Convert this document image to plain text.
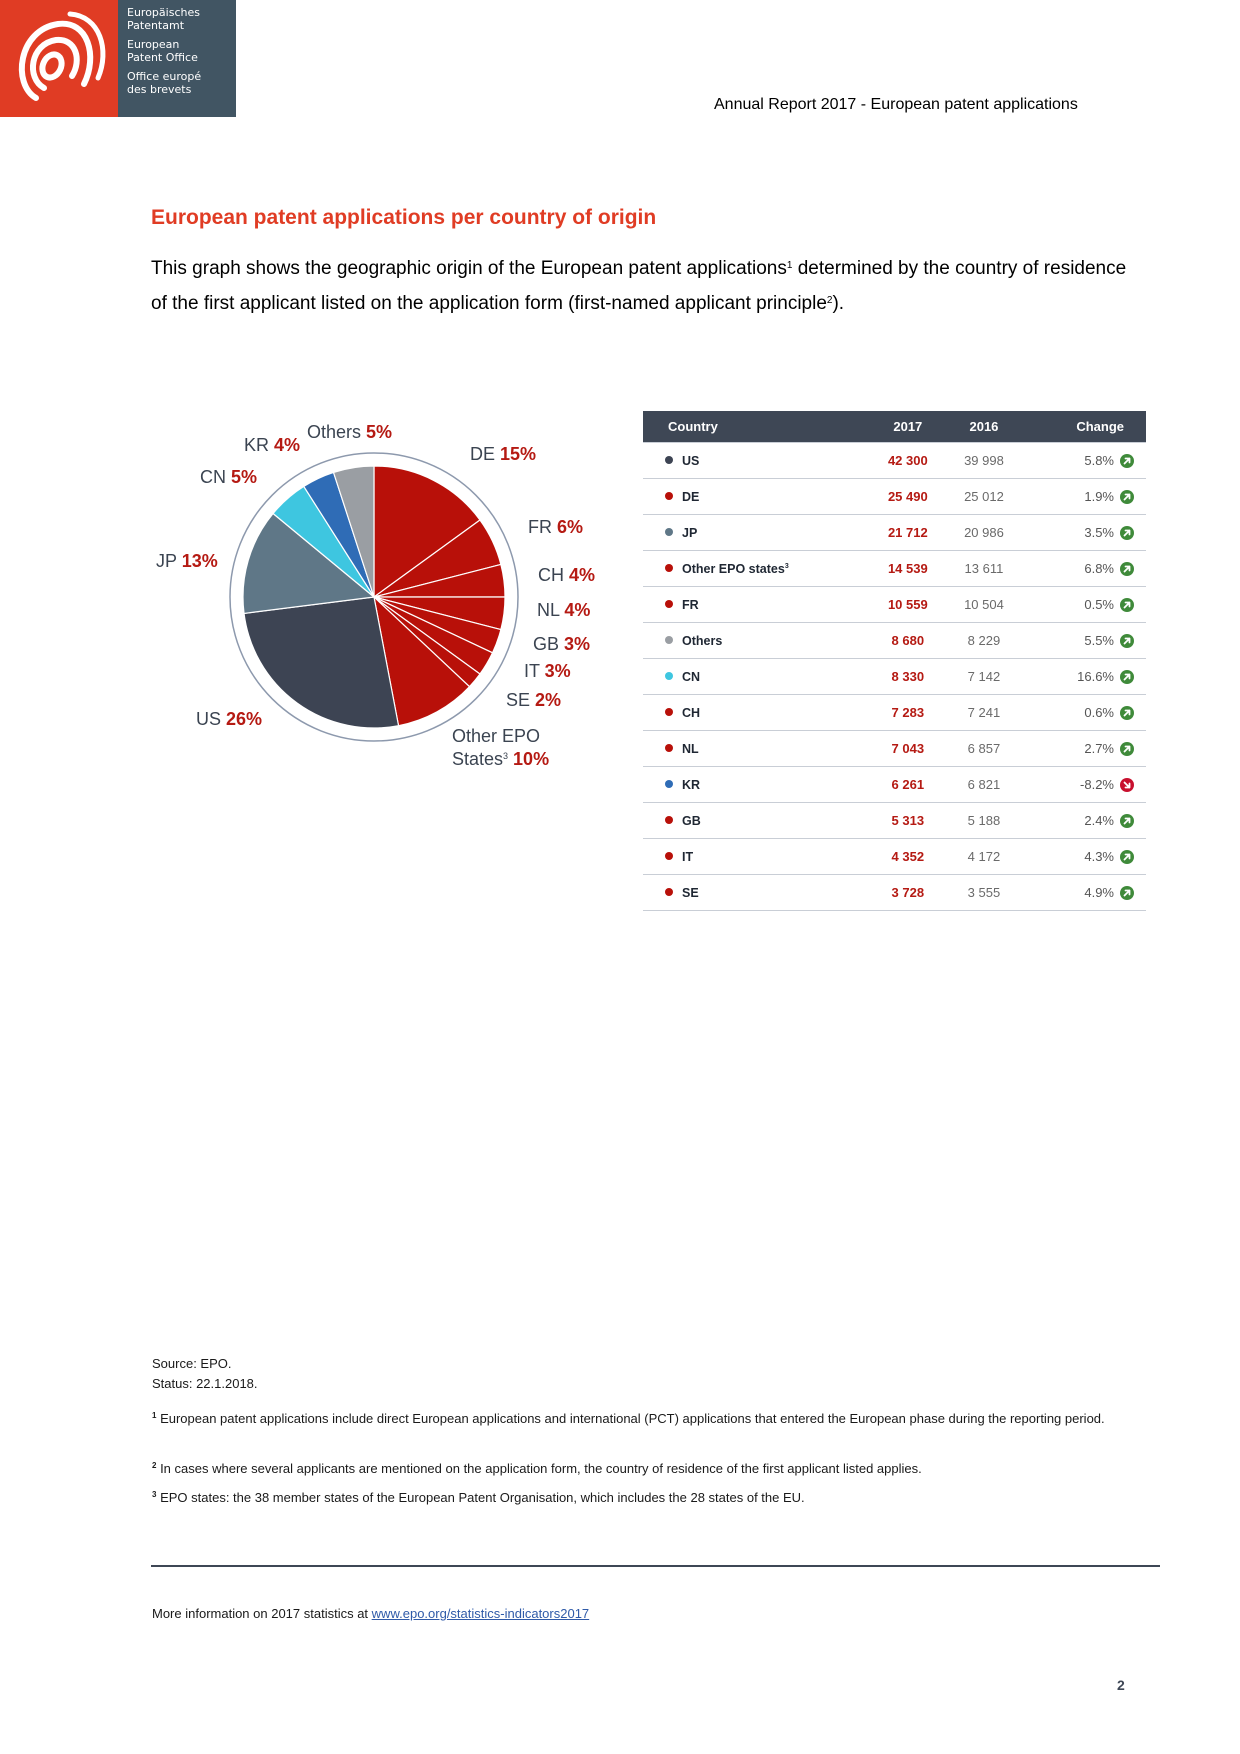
Europäisches
Patentamt
European
Patent Office
Office europé
des brevets
Annual Report 2017 - European patent applications
European patent applications per country of origin
This graph shows the geographic origin of the European patent applications$^1$ determined by the country of residence of the first applicant listed on the application form (first-named applicant principle$^2$).
DE 15%
FR 6%
CH 4%
NL 4%
GB 3%
IT 3%
SE 2%
Other EPO
States$^3$ 10%
US 26%
JP 13%
CN 5%
KR 4%
Others 5%	Country	2017	2016	Change
US	42 300	39 998	5.8%

DE	25 490	25 012	1.9%

JP	21 712	20 986	3.5%

Other EPO states$^3$	14 539	13 611	6.8%

FR	10 559	10 504	0.5%

Others	8 680	8 229	5.5%

CN	8 330	7 142	16.6%

CH	7 283	7 241	0.6%

NL	7 043	6 857	2.7%

KR	6 261	6 821	-8.2%

GB	5 313	5 188	2.4%

IT	4 352	4 172	4.3%

SE	3 728	3 555	4.9%
Source: EPO.
Status: 22.1.2018.
$^1$ European patent applications include direct European applications and international (PCT) applications that entered the European phase during the reporting period.
$^2$ In cases where several applicants are mentioned on the application form, the country of residence of the first applicant listed applies.
$^3$ EPO states: the 38 member states of the European Patent Organisation, which includes the 28 states of the EU.
More information on 2017 statistics at www.epo.org/statistics-indicators2017
2
